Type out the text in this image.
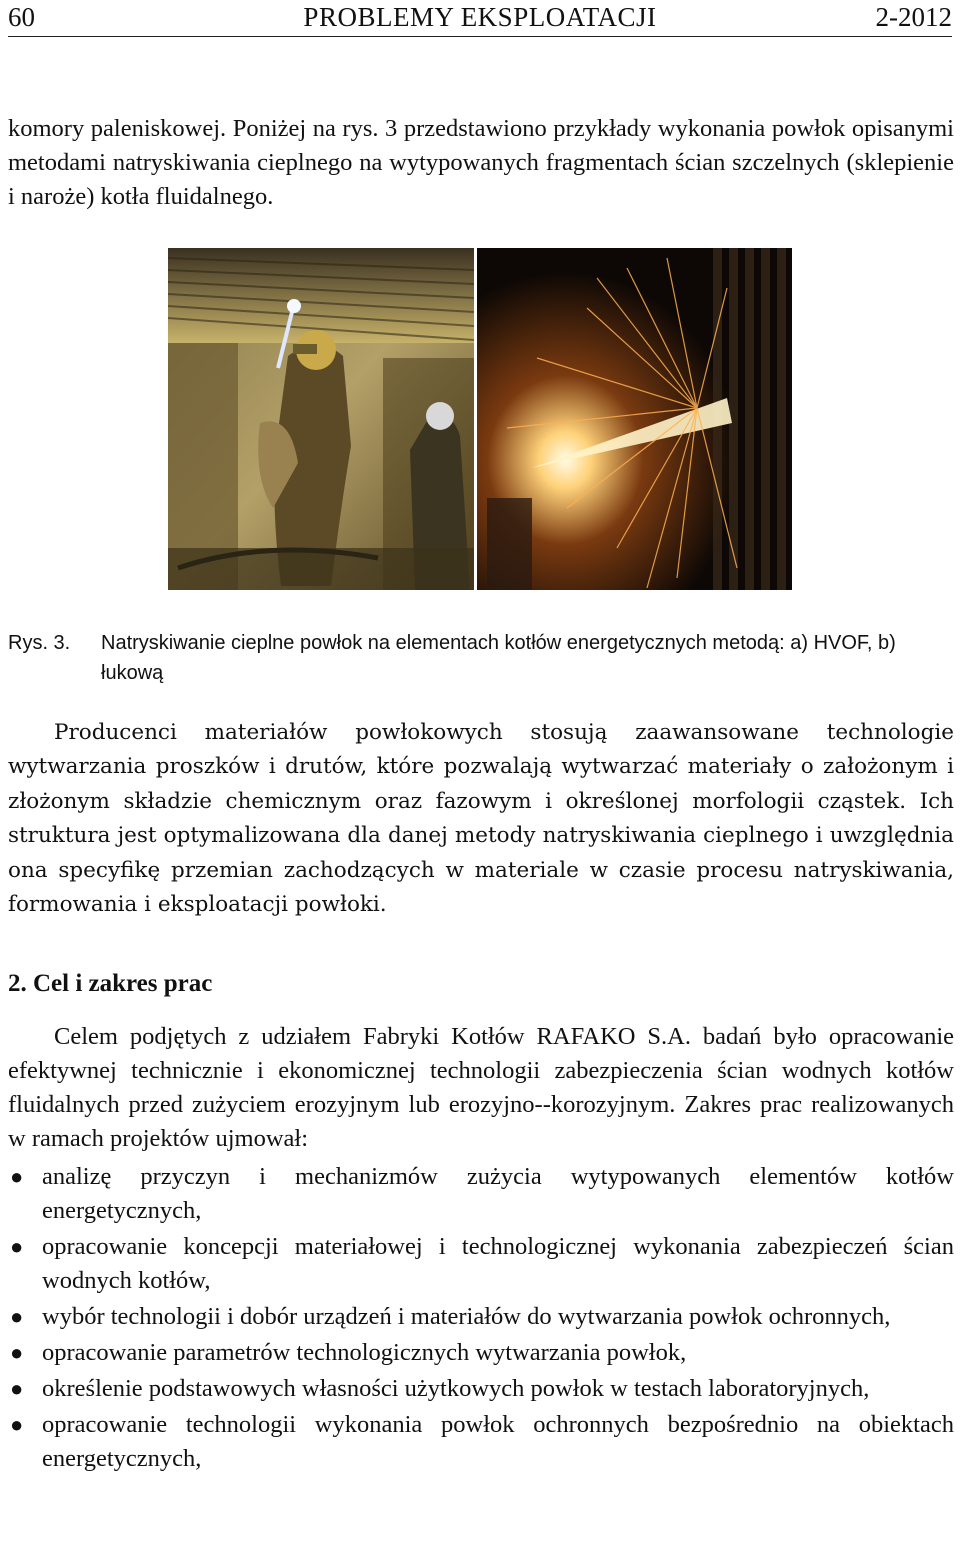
60	PROBLEMY EKSPLOATACJI	2-2012
komory paleniskowej. Poniżej na rys. 3 przedstawiono przykłady wykonania powłok opisanymi metodami natryskiwania cieplnego na wytypowanych fragmentach ścian szczelnych (sklepienie i naroże) kotła fluidalnego.
Rys. 3. Natryskiwanie cieplne powłok na elementach kotłów energetycznych metodą: a) HVOF, b) łukową
Producenci materiałów powłokowych stosują zaawansowane technologie wytwarzania proszków i drutów, które pozwalają wytwarzać materiały o założonym i złożonym składzie chemicznym oraz fazowym i określonej morfologii cząstek. Ich struktura jest optymalizowana dla danej metody natryskiwania cieplnego i uwzględnia ona specyfikę przemian zachodzących w materiale w czasie procesu natryskiwania, formowania i eksploatacji powłoki.
2. Cel i zakres prac
Celem podjętych z udziałem Fabryki Kotłów RAFAKO S.A. badań było opracowanie efektywnej technicznie i ekonomicznej technologii zabezpieczenia ścian wodnych kotłów fluidalnych przed zużyciem erozyjnym lub erozyjno--korozyjnym. Zakres prac realizowanych w ramach projektów ujmował:
● analizę przyczyn i mechanizmów zużycia wytypowanych elementów kotłów energetycznych,
● opracowanie koncepcji materiałowej i technologicznej wykonania zabezpieczeń ścian wodnych kotłów,
● wybór technologii i dobór urządzeń i materiałów do wytwarzania powłok ochronnych,
● opracowanie parametrów technologicznych wytwarzania powłok,
● określenie podstawowych własności użytkowych powłok w testach laboratoryjnych,
● opracowanie technologii wykonania powłok ochronnych bezpośrednio na obiektach energetycznych,
